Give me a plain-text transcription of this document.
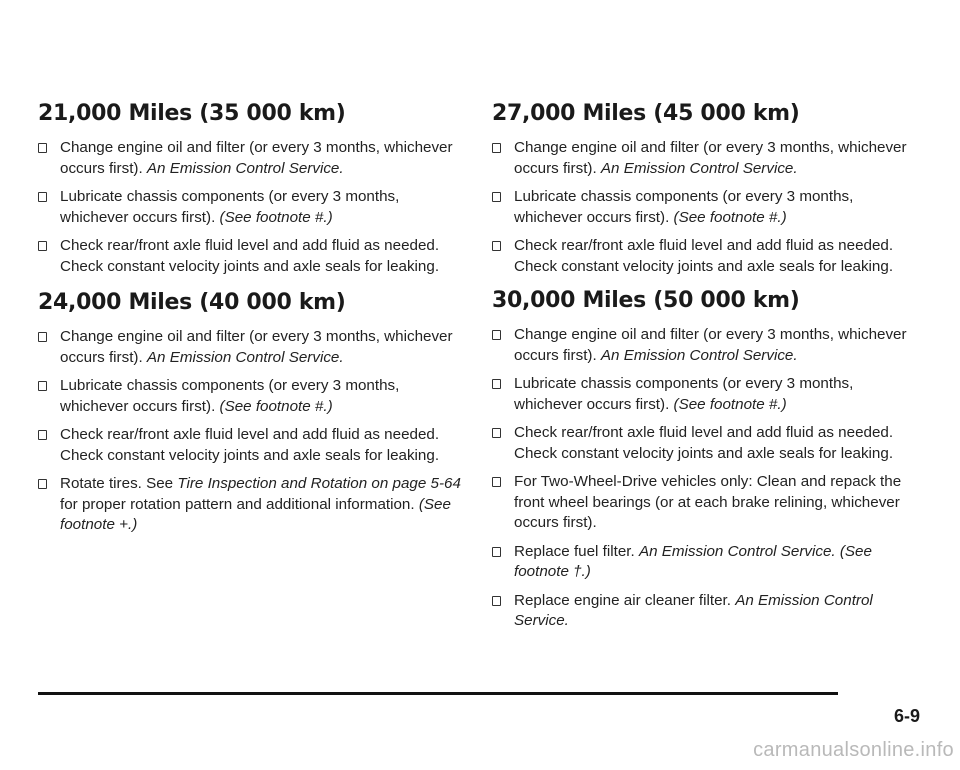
21,000 Miles (35 000 km)
Change engine oil and filter (or every 3 months, whichever occurs first). An Emission Control Service.
Lubricate chassis components (or every 3 months, whichever occurs first). (See footnote #.)
Check rear/front axle fluid level and add fluid as needed. Check constant velocity joints and axle seals for leaking.
24,000 Miles (40 000 km)
Change engine oil and filter (or every 3 months, whichever occurs first). An Emission Control Service.
Lubricate chassis components (or every 3 months, whichever occurs first). (See footnote #.)
Check rear/front axle fluid level and add fluid as needed. Check constant velocity joints and axle seals for leaking.
Rotate tires. See Tire Inspection and Rotation on page 5-64 for proper rotation pattern and additional information. (See footnote +.)
27,000 Miles (45 000 km)
Change engine oil and filter (or every 3 months, whichever occurs first). An Emission Control Service.
Lubricate chassis components (or every 3 months, whichever occurs first). (See footnote #.)
Check rear/front axle fluid level and add fluid as needed. Check constant velocity joints and axle seals for leaking.
30,000 Miles (50 000 km)
Change engine oil and filter (or every 3 months, whichever occurs first). An Emission Control Service.
Lubricate chassis components (or every 3 months, whichever occurs first). (See footnote #.)
Check rear/front axle fluid level and add fluid as needed. Check constant velocity joints and axle seals for leaking.
For Two-Wheel-Drive vehicles only: Clean and repack the front wheel bearings (or at each brake relining, whichever occurs first).
Replace fuel filter. An Emission Control Service. (See footnote †.)
Replace engine air cleaner filter. An Emission Control Service.
6-9
carmanualsonline.info
